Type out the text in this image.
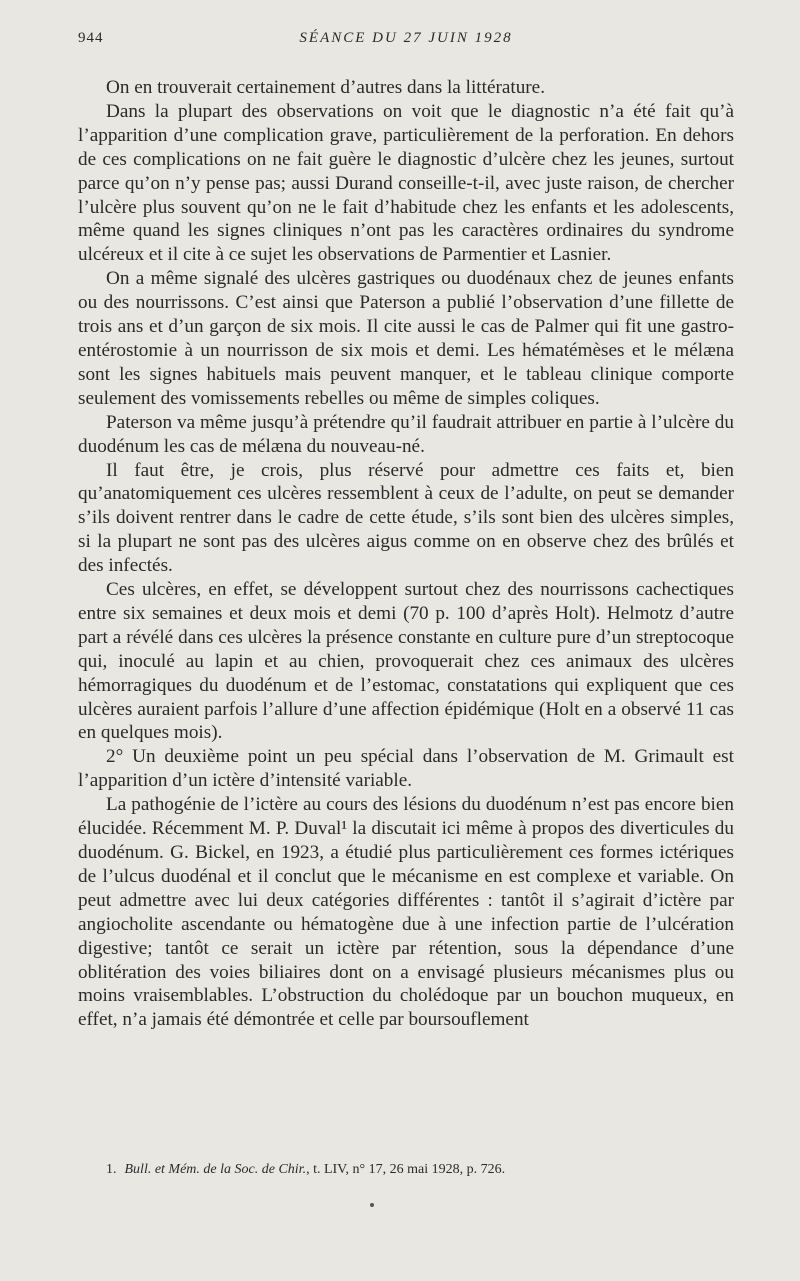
944	SÉANCE DU 27 JUIN 1928

On en trouverait certainement d’autres dans la littérature.

Dans la plupart des observations on voit que le diagnostic n’a été fait qu’à l’apparition d’une complication grave, particulièrement de la perforation. En dehors de ces complications on ne fait guère le diagnostic d’ulcère chez les jeunes, surtout parce qu’on n’y pense pas; aussi Durand conseille-t-il, avec juste raison, de chercher l’ulcère plus souvent qu’on ne le fait d’habitude chez les enfants et les adolescents, même quand les signes cliniques n’ont pas les caractères ordinaires du syndrome ulcéreux et il cite à ce sujet les observations de Parmentier et Lasnier.

On a même signalé des ulcères gastriques ou duodénaux chez de jeunes enfants ou des nourrissons. C’est ainsi que Paterson a publié l’observation d’une fillette de trois ans et d’un garçon de six mois. Il cite aussi le cas de Palmer qui fit une gastro-entérostomie à un nourrisson de six mois et demi. Les hématémèses et le mélæna sont les signes habituels mais peuvent manquer, et le tableau clinique comporte seulement des vomissements rebelles ou même de simples coliques.

Paterson va même jusqu’à prétendre qu’il faudrait attribuer en partie à l’ulcère du duodénum les cas de mélæna du nouveau-né.

Il faut être, je crois, plus réservé pour admettre ces faits et, bien qu’anatomiquement ces ulcères ressemblent à ceux de l’adulte, on peut se demander s’ils doivent rentrer dans le cadre de cette étude, s’ils sont bien des ulcères simples, si la plupart ne sont pas des ulcères aigus comme on en observe chez des brûlés et des infectés.

Ces ulcères, en effet, se développent surtout chez des nourrissons cachectiques entre six semaines et deux mois et demi (70 p. 100 d’après Holt). Helmotz d’autre part a révélé dans ces ulcères la présence constante en culture pure d’un streptocoque qui, inoculé au lapin et au chien, provoquerait chez ces animaux des ulcères hémorragiques du duodénum et de l’estomac, constatations qui expliquent que ces ulcères auraient parfois l’allure d’une affection épidémique (Holt en a observé 11 cas en quelques mois).

2° Un deuxième point un peu spécial dans l’observation de M. Grimault est l’apparition d’un ictère d’intensité variable.

La pathogénie de l’ictère au cours des lésions du duodénum n’est pas encore bien élucidée. Récemment M. P. Duval¹ la discutait ici même à propos des diverticules du duodénum. G. Bickel, en 1923, a étudié plus particulièrement ces formes ictériques de l’ulcus duodénal et il conclut que le mécanisme en est complexe et variable. On peut admettre avec lui deux catégories différentes : tantôt il s’agirait d’ictère par angiocholite ascendante ou hématogène due à une infection partie de l’ulcération digestive; tantôt ce serait un ictère par rétention, sous la dépendance d’une oblitération des voies biliaires dont on a envisagé plusieurs mécanismes plus ou moins vraisemblables. L’obstruction du cholédoque par un bouchon muqueux, en effet, n’a jamais été démontrée et celle par boursouflement

1. Bull. et Mém. de la Soc. de Chir., t. LIV, n° 17, 26 mai 1928, p. 726.
